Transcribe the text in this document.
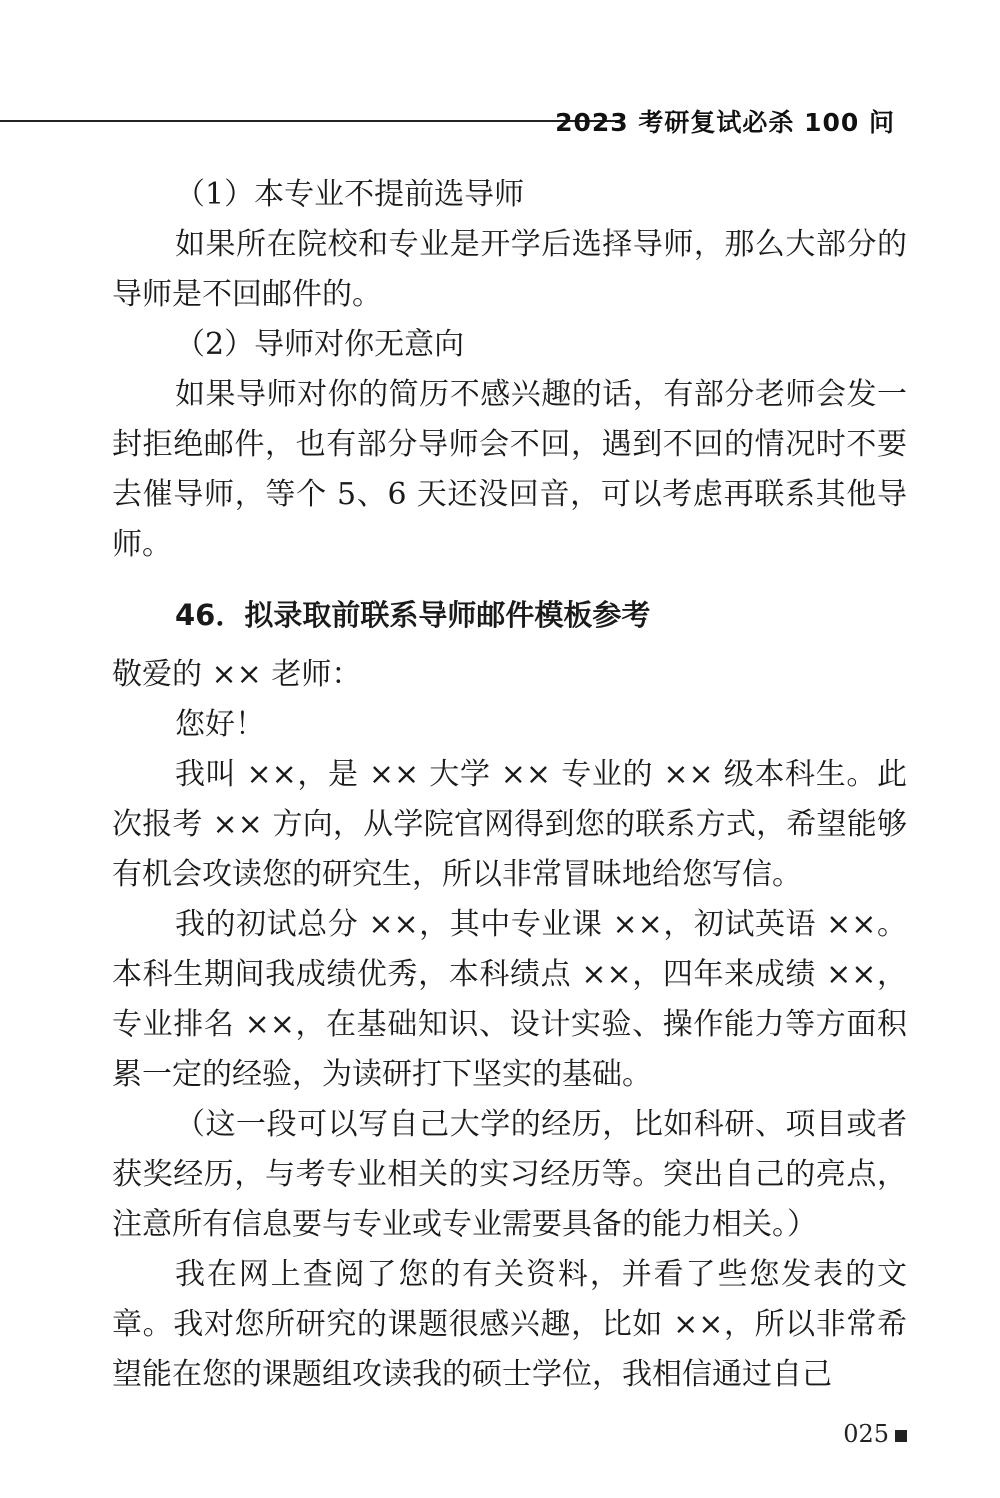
2023 考研复试必杀 100 问

（1）本专业不提前选导师

如果所在院校和专业是开学后选择导师，那么大部分的导师是不回邮件的。

（2）导师对你无意向

如果导师对你的简历不感兴趣的话，有部分老师会发一封拒绝邮件，也有部分导师会不回，遇到不回的情况时不要去催导师，等个 5、6 天还没回音，可以考虑再联系其他导师。

46．拟录取前联系导师邮件模板参考

敬爱的 ×× 老师：

您好！

我叫 ××，是 ×× 大学 ×× 专业的 ×× 级本科生。此次报考 ×× 方向，从学院官网得到您的联系方式，希望能够有机会攻读您的研究生，所以非常冒昧地给您写信。

我的初试总分 ××，其中专业课 ××，初试英语 ××。本科生期间我成绩优秀，本科绩点 ××，四年来成绩 ××，专业排名 ××，在基础知识、设计实验、操作能力等方面积累一定的经验，为读研打下坚实的基础。

（这一段可以写自己大学的经历，比如科研、项目或者获奖经历，与考专业相关的实习经历等。突出自己的亮点，注意所有信息要与专业或专业需要具备的能力相关。）

我在网上查阅了您的有关资料，并看了些您发表的文章。我对您所研究的课题很感兴趣，比如 ××，所以非常希望能在您的课题组攻读我的硕士学位，我相信通过自己

025
